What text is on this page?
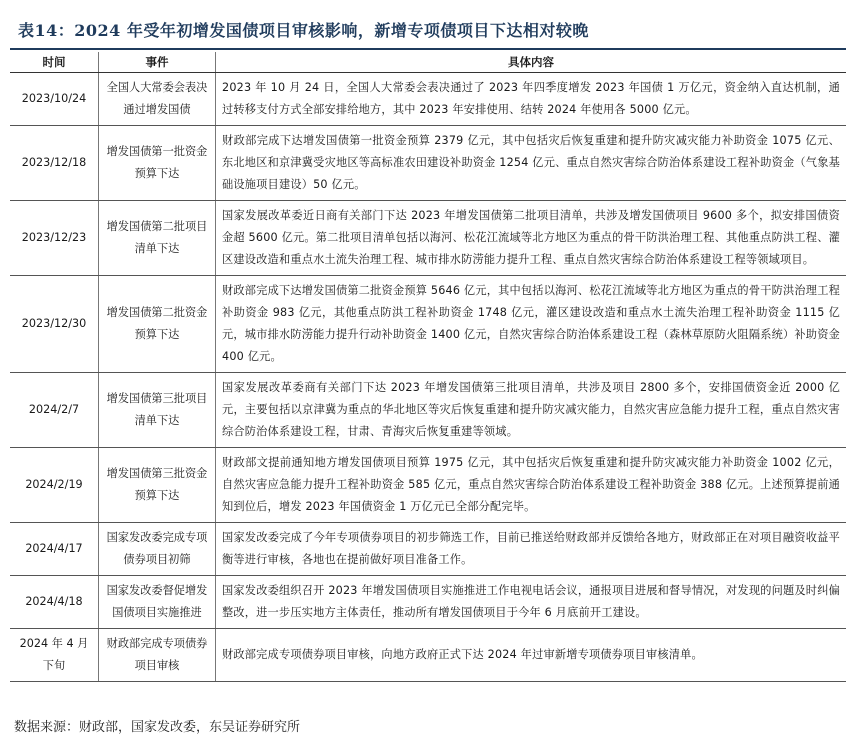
表14：2024 年受年初增发国债项目审核影响，新增专项债项目下达相对较晚
时间	事件	具体内容
2023/10/24	全国人大常委会表决通过增发国债	2023 年 10 月 24 日，全国人大常委会表决通过了 2023 年四季度增发 2023 年国债 1 万亿元，资金纳入直达机制，通过转移支付方式全部安排给地方，其中 2023 年安排使用、结转 2024 年使用各 5000 亿元。
2023/12/18	增发国债第一批资金预算下达	财政部完成下达增发国债第一批资金预算 2379 亿元，其中包括灾后恢复重建和提升防灾减灾能力补助资金 1075 亿元、东北地区和京津冀受灾地区等高标准农田建设补助资金 1254 亿元、重点自然灾害综合防治体系建设工程补助资金（气象基础设施项目建设）50 亿元。
2023/12/23	增发国债第二批项目清单下达	国家发展改革委近日商有关部门下达 2023 年增发国债第二批项目清单，共涉及增发国债项目 9600 多个，拟安排国债资金超 5600 亿元。第二批项目清单包括以海河、松花江流域等北方地区为重点的骨干防洪治理工程、其他重点防洪工程、灌区建设改造和重点水土流失治理工程、城市排水防涝能力提升工程、重点自然灾害综合防治体系建设工程等领域项目。
2023/12/30	增发国债第二批资金预算下达	财政部完成下达增发国债第二批资金预算 5646 亿元，其中包括以海河、松花江流域等北方地区为重点的骨干防洪治理工程补助资金 983 亿元，其他重点防洪工程补助资金 1748 亿元，灌区建设改造和重点水土流失治理工程补助资金 1115 亿元，城市排水防涝能力提升行动补助资金 1400 亿元，自然灾害综合防治体系建设工程（森林草原防火阻隔系统）补助资金 400 亿元。
2024/2/7	增发国债第三批项目清单下达	国家发展改革委商有关部门下达 2023 年增发国债第三批项目清单，共涉及项目 2800 多个，安排国债资金近 2000 亿元，主要包括以京津冀为重点的华北地区等灾后恢复重建和提升防灾减灾能力，自然灾害应急能力提升工程，重点自然灾害综合防治体系建设工程，甘肃、青海灾后恢复重建等领域。
2024/2/19	增发国债第三批资金预算下达	财政部文提前通知地方增发国债项目预算 1975 亿元，其中包括灾后恢复重建和提升防灾减灾能力补助资金 1002 亿元，自然灾害应急能力提升工程补助资金 585 亿元，重点自然灾害综合防治体系建设工程补助资金 388 亿元。上述预算提前通知到位后，增发 2023 年国债资金 1 万亿元已全部分配完毕。
2024/4/17	国家发改委完成专项债券项目初筛	国家发改委完成了今年专项债券项目的初步筛选工作，目前已推送给财政部并反馈给各地方，财政部正在对项目融资收益平衡等进行审核，各地也在提前做好项目准备工作。
2024/4/18	国家发改委督促增发国债项目实施推进	国家发改委组织召开 2023 年增发国债项目实施推进工作电视电话会议，通报项目进展和督导情况，对发现的问题及时纠偏整改，进一步压实地方主体责任，推动所有增发国债项目于今年 6 月底前开工建设。
2024 年 4 月下旬	财政部完成专项债券项目审核	财政部完成专项债券项目审核，向地方政府正式下达 2024 年过审新增专项债券项目审核清单。
数据来源：财政部，国家发改委，东吴证券研究所
